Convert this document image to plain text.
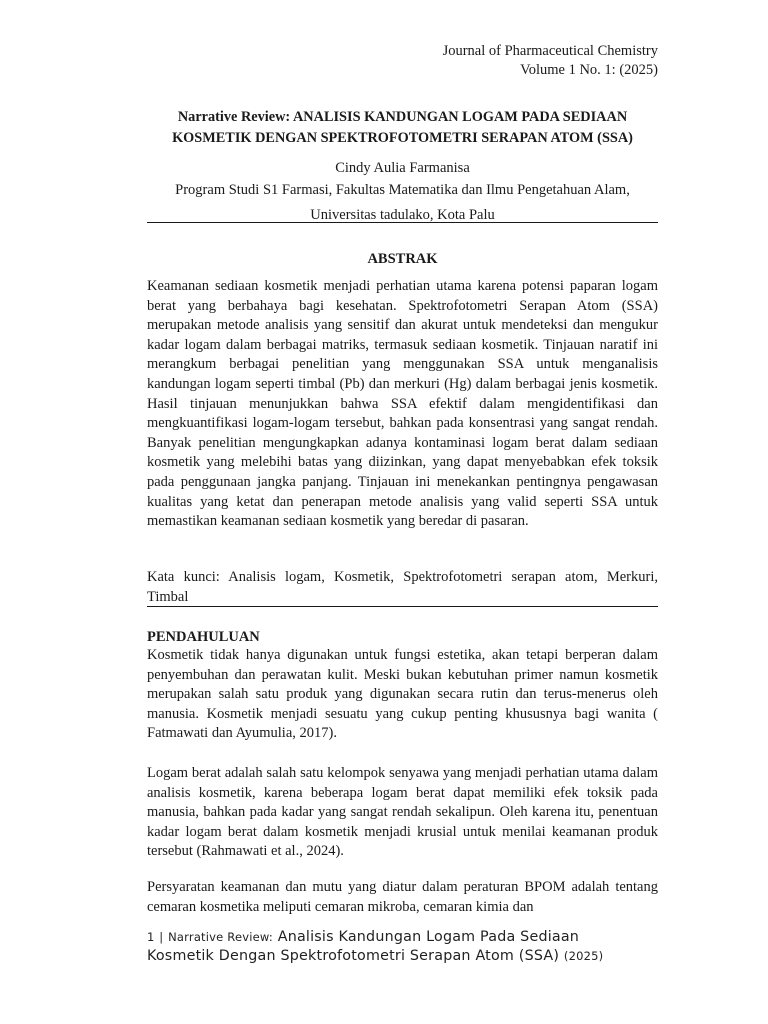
Journal of Pharmaceutical Chemistry
Volume 1 No. 1: (2025)
Narrative Review: ANALISIS KANDUNGAN LOGAM PADA SEDIAAN
KOSMETIK DENGAN SPEKTROFOTOMETRI SERAPAN ATOM (SSA)
Cindy Aulia Farmanisa
Program Studi S1 Farmasi, Fakultas Matematika dan Ilmu Pengetahuan Alam,
Universitas tadulako, Kota Palu
ABSTRAK

Keamanan sediaan kosmetik menjadi perhatian utama karena potensi paparan logam berat yang berbahaya bagi kesehatan. Spektrofotometri Serapan Atom (SSA) merupakan metode analisis yang sensitif dan akurat untuk mendeteksi dan mengukur kadar logam dalam berbagai matriks, termasuk sediaan kosmetik. Tinjauan naratif ini merangkum berbagai penelitian yang menggunakan SSA untuk menganalisis kandungan logam seperti timbal (Pb) dan merkuri (Hg) dalam berbagai jenis kosmetik. Hasil tinjauan menunjukkan bahwa SSA efektif dalam mengidentifikasi dan mengkuantifikasi logam-logam tersebut, bahkan pada konsentrasi yang sangat rendah. Banyak penelitian mengungkapkan adanya kontaminasi logam berat dalam sediaan kosmetik yang melebihi batas yang diizinkan, yang dapat menyebabkan efek toksik pada penggunaan jangka panjang. Tinjauan ini menekankan pentingnya pengawasan kualitas yang ketat dan penerapan metode analisis yang valid seperti SSA untuk memastikan keamanan sediaan kosmetik yang beredar di pasaran.

Kata kunci: Analisis logam, Kosmetik, Spektrofotometri serapan atom, Merkuri, Timbal

PENDAHULUAN

Kosmetik tidak hanya digunakan untuk fungsi estetika, akan tetapi berperan dalam penyembuhan dan perawatan kulit. Meski bukan kebutuhan primer namun kosmetik merupakan salah satu produk yang digunakan secara rutin dan terus-menerus oleh manusia. Kosmetik menjadi sesuatu yang cukup penting khususnya bagi wanita ( Fatmawati dan Ayumulia, 2017).

Logam berat adalah salah satu kelompok senyawa yang menjadi perhatian utama dalam analisis kosmetik, karena beberapa logam berat dapat memiliki efek toksik pada manusia, bahkan pada kadar yang sangat rendah sekalipun. Oleh karena itu, penentuan kadar logam berat dalam kosmetik menjadi krusial untuk menilai keamanan produk tersebut (Rahmawati et al., 2024).

Persyaratan keamanan dan mutu yang diatur dalam peraturan BPOM adalah tentang cemaran kosmetika meliputi cemaran mikroba, cemaran kimia dan

1 | Narrative Review: Analisis Kandungan Logam Pada Sediaan
Kosmetik Dengan Spektrofotometri Serapan Atom (SSA) (2025)
